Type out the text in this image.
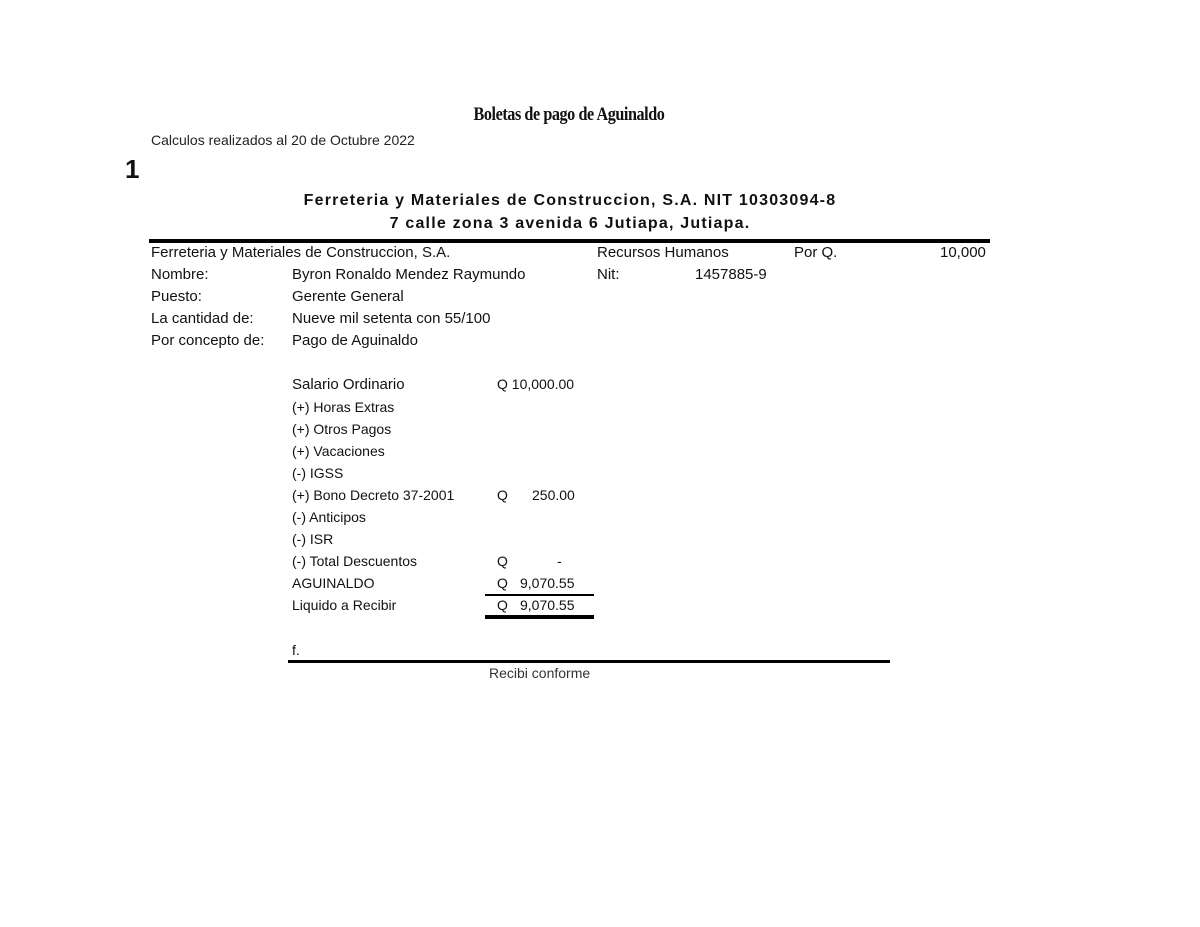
Boletas de pago de Aguinaldo
Calculos realizados al 20 de Octubre 2022
1
Ferreteria y Materiales de Construccion, S.A. NIT 10303094-8
7 calle zona 3 avenida 6 Jutiapa, Jutiapa.
Ferreteria y Materiales de Construccion, S.A.	Recursos Humanos	Por Q.	10,000
Nombre:	Byron Ronaldo Mendez Raymundo	Nit:	1457885-9
Puesto:	Gerente General
La cantidad de:	Nueve mil setenta con 55/100
Por concepto de: Pago de Aguinaldo
Salario Ordinario	Q 10,000.00
(+) Horas Extras
(+) Otros Pagos
(+) Vacaciones
(-) IGSS
(+) Bono Decreto 37-2001	Q 250.00
(-) Anticipos
(-) ISR
(-) Total Descuentos	Q	-
AGUINALDO	Q 9,070.55
Liquido a Recibir	Q 9,070.55
f.
Recibi conforme
